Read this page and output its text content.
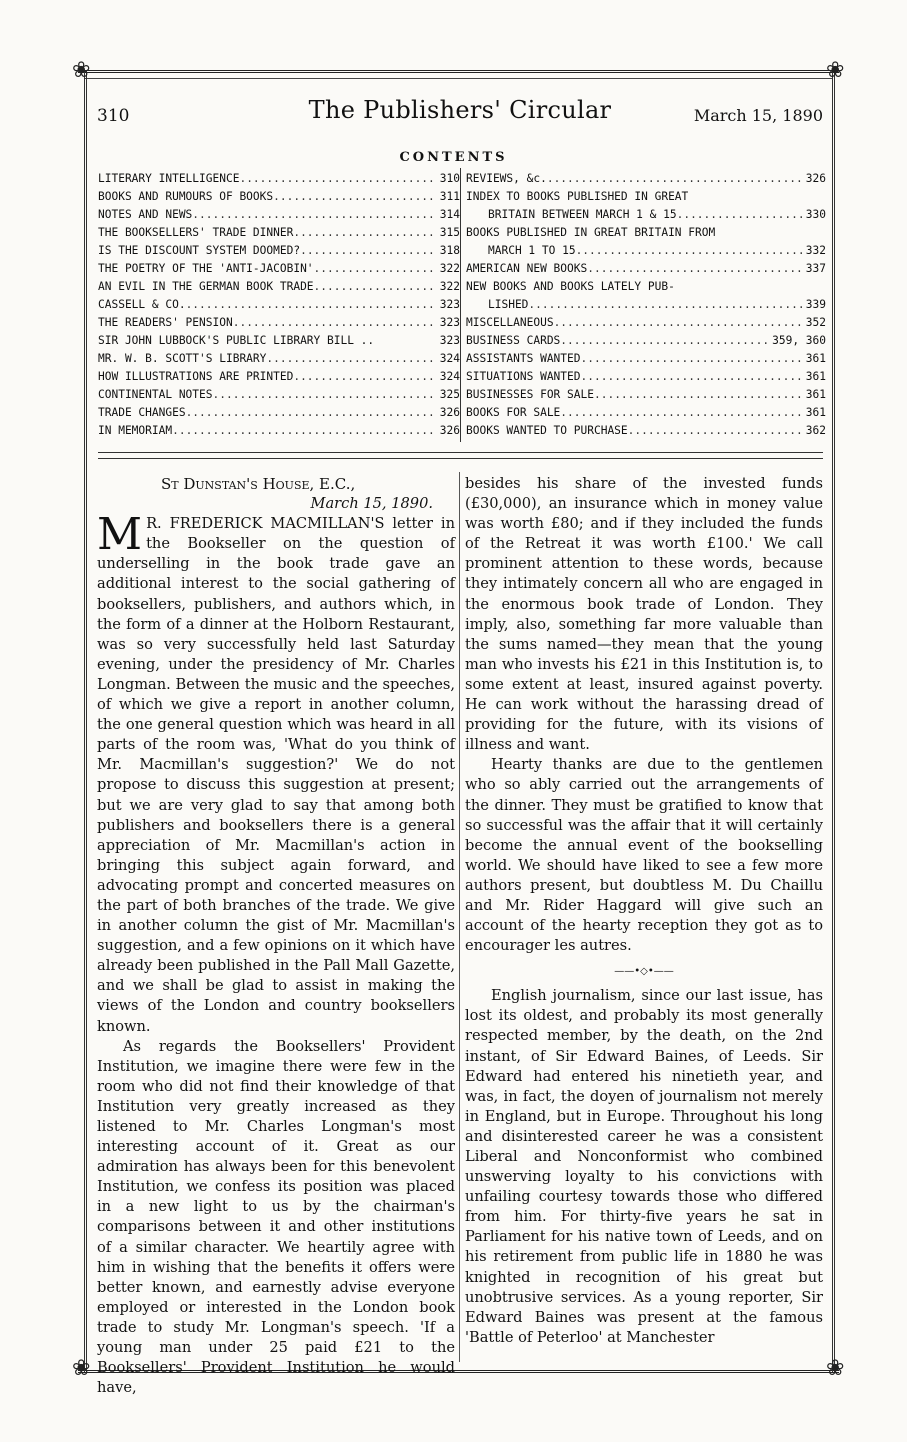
❀	❀
❀	❀
310	The Publishers' Circular	March 15, 1890
CONTENTS
LITERARY INTELLIGENCE .....	310
BOOKS AND RUMOURS OF BOOKS .....	311
NOTES AND NEWS .....	314
THE BOOKSELLERS' TRADE DINNER .....	315
IS THE DISCOUNT SYSTEM DOOMED? .....	318
THE POETRY OF THE 'ANTI-JACOBIN' .....	322
AN EVIL IN THE GERMAN BOOK TRADE .....	322
CASSELL & CO. .....	323
THE READERS' PENSION .....	323
SIR JOHN LUBBOCK'S PUBLIC LIBRARY BILL ..	323
MR. W. B. SCOTT'S LIBRARY .....	324
HOW ILLUSTRATIONS ARE PRINTED .....	324
CONTINENTAL NOTES .....	325
TRADE CHANGES .....	326
IN MEMORIAM .....	326
REVIEWS, &c. .....	326
INDEX TO BOOKS PUBLISHED IN GREAT
BRITAIN BETWEEN MARCH 1 & 15 .....	330
BOOKS PUBLISHED IN GREAT BRITAIN FROM
MARCH 1 TO 15 .....	332
AMERICAN NEW BOOKS .....	337
NEW BOOKS AND BOOKS LATELY PUB-
LISHED .....	339
MISCELLANEOUS .....	352
BUSINESS CARDS .....	359, 360
ASSISTANTS WANTED .....	361
SITUATIONS WANTED .....	361
BUSINESSES FOR SALE .....	361
BOOKS FOR SALE .....	361
BOOKS WANTED TO PURCHASE .....	362

St Dunstan's House, E.C.,

March 15, 1890.

M R. FREDERICK MACMILLAN'S letter in the Bookseller on the question of underselling in the book trade gave an additional interest to the social gathering of booksellers, publishers, and authors which, in the form of a dinner at the Holborn Restaurant, was so very successfully held last Saturday evening, under the presidency of Mr. Charles Longman. Between the music and the speeches, of which we give a report in another column, the one general question which was heard in all parts of the room was, 'What do you think of Mr. Macmillan's suggestion?' We do not propose to discuss this suggestion at present; but we are very glad to say that among both publishers and booksellers there is a general appreciation of Mr. Macmillan's action in bringing this subject again forward, and advocating prompt and concerted measures on the part of both branches of the trade. We give in another column the gist of Mr. Macmillan's suggestion, and a few opinions on it which have already been published in the Pall Mall Gazette, and we shall be glad to assist in making the views of the London and country booksellers known.

As regards the Booksellers' Provident Institution, we imagine there were few in the room who did not find their knowledge of that Institution very greatly increased as they listened to Mr. Charles Longman's most interesting account of it. Great as our admiration has always been for this benevolent Institution, we confess its position was placed in a new light to us by the chairman's comparisons between it and other institutions of a similar character. We heartily agree with him in wishing that the benefits it offers were better known, and earnestly advise everyone employed or interested in the London book trade to study Mr. Longman's speech. 'If a young man under 25 paid £21 to the Booksellers' Provident Institution he would have,

besides his share of the invested funds (£30,000), an insurance which in money value was worth £80; and if they included the funds of the Retreat it was worth £100.' We call prominent attention to these words, because they intimately concern all who are engaged in the enormous book trade of London. They imply, also, something far more valuable than the sums named—they mean that the young man who invests his £21 in this Institution is, to some extent at least, insured against poverty. He can work without the harassing dread of providing for the future, with its visions of illness and want.

Hearty thanks are due to the gentlemen who so ably carried out the arrangements of the dinner. They must be gratified to know that so successful was the affair that it will certainly become the annual event of the bookselling world. We should have liked to see a few more authors present, but doubtless M. Du Chaillu and Mr. Rider Haggard will give such an account of the hearty reception they got as to encourager les autres.

——•◇•——

English journalism, since our last issue, has lost its oldest, and probably its most generally respected member, by the death, on the 2nd instant, of Sir Edward Baines, of Leeds. Sir Edward had entered his ninetieth year, and was, in fact, the doyen of journalism not merely in England, but in Europe. Throughout his long and disinterested career he was a consistent Liberal and Nonconformist who combined unswerving loyalty to his convictions with unfailing courtesy towards those who differed from him. For thirty-five years he sat in Parliament for his native town of Leeds, and on his retirement from public life in 1880 he was knighted in recognition of his great but unobtrusive services. As a young reporter, Sir Edward Baines was present at the famous 'Battle of Peterloo' at Manchester
